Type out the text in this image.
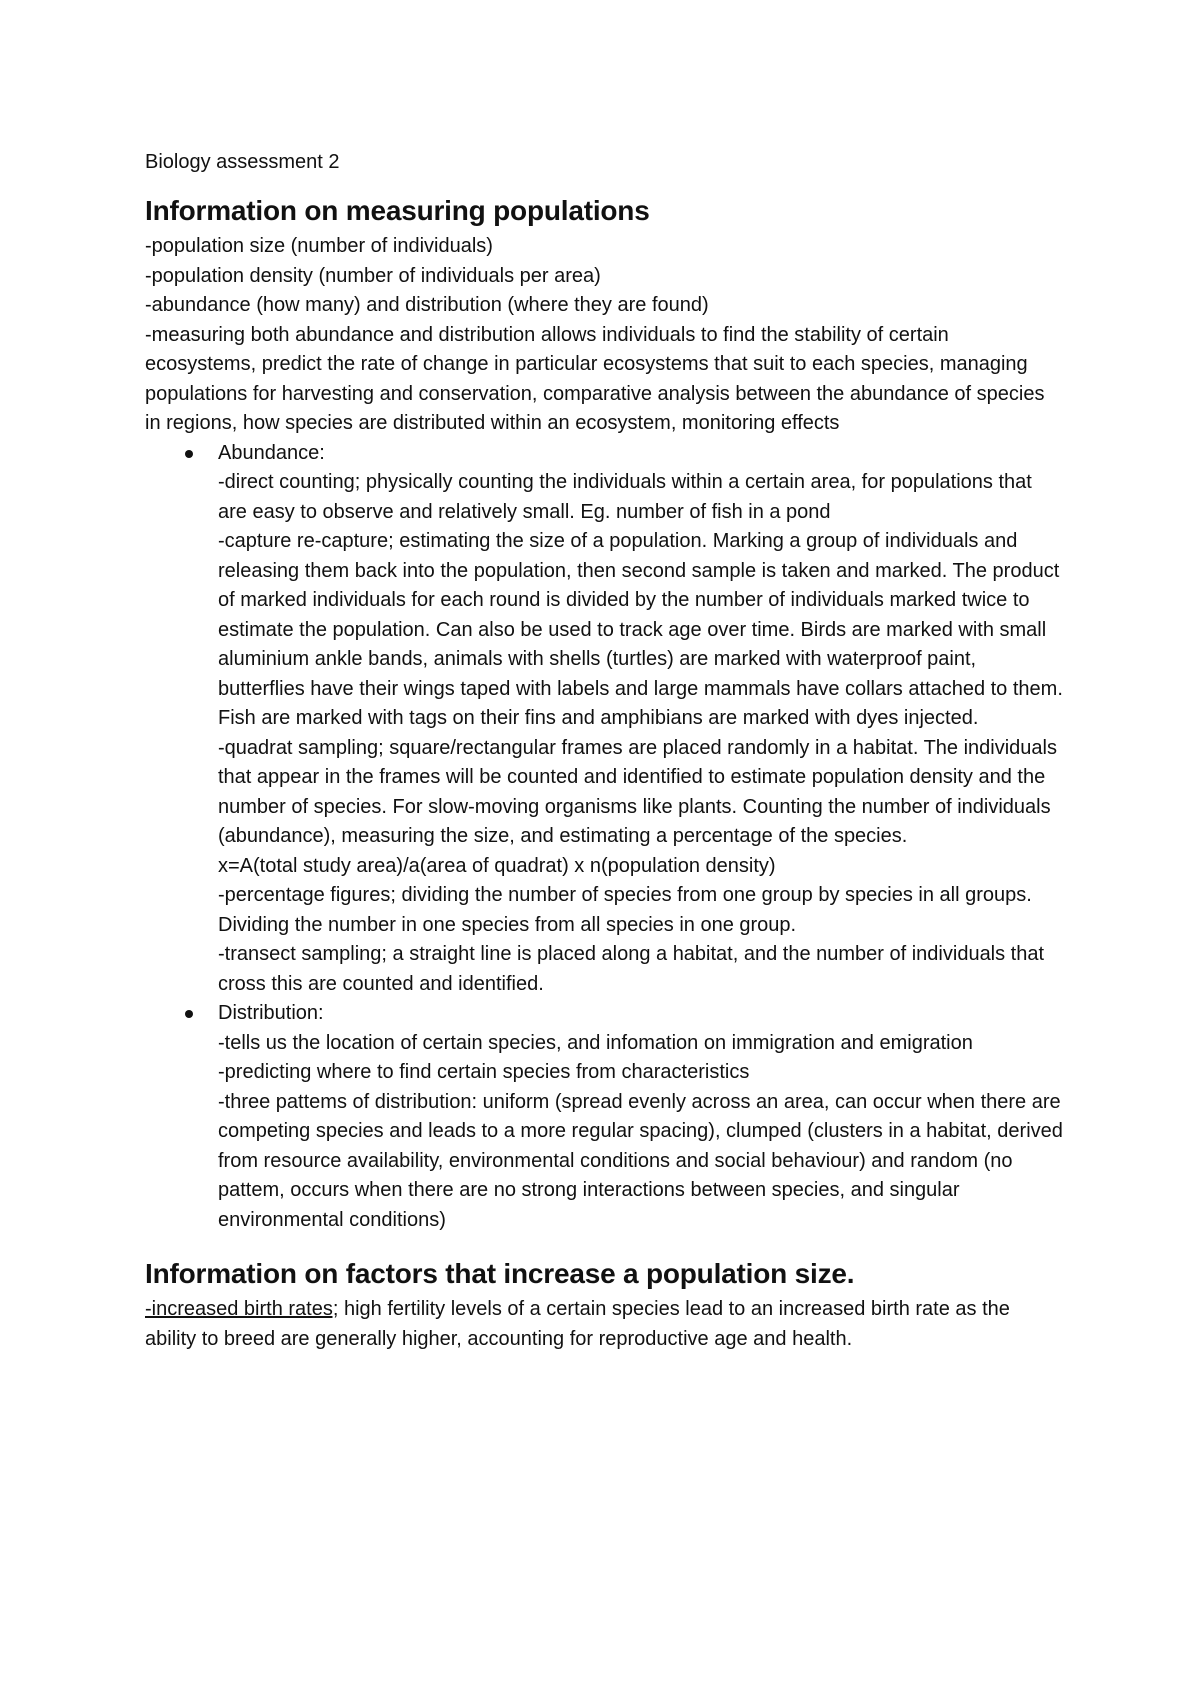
Biology assessment 2

Information on measuring populations

-population size (number of individuals)

-population density (number of individuals per area)

-abundance (how many) and distribution (where they are found)

-measuring both abundance and distribution allows individuals to find the stability of certain ecosystems, predict the rate of change in particular ecosystems that suit to each species, managing populations for harvesting and conservation, comparative analysis between the abundance of species in regions, how species are distributed within an ecosystem, monitoring effects

Abundance:

-direct counting; physically counting the individuals within a certain area, for populations that are easy to observe and relatively small. Eg. number of fish in a pond

-capture re-capture; estimating the size of a population. Marking a group of individuals and releasing them back into the population, then second sample is taken and marked. The product of marked individuals for each round is divided by the number of individuals marked twice to estimate the population. Can also be used to track age over time. Birds are marked with small aluminium ankle bands, animals with shells (turtles) are marked with waterproof paint, butterflies have their wings taped with labels and large mammals have collars attached to them. Fish are marked with tags on their fins and amphibians are marked with dyes injected.

-quadrat sampling; square/rectangular frames are placed randomly in a habitat. The individuals that appear in the frames will be counted and identified to estimate population density and the number of species. For slow-moving organisms like plants. Counting the number of individuals (abundance), measuring the size, and estimating a percentage of the species.

x=A(total study area)/a(area of quadrat) x n(population density)

-percentage figures; dividing the number of species from one group by species in all groups. Dividing the number in one species from all species in one group.

-transect sampling; a straight line is placed along a habitat, and the number of individuals that cross this are counted and identified.

Distribution:

-tells us the location of certain species, and infomation on immigration and emigration

-predicting where to find certain species from characteristics

-three pattems of distribution: uniform (spread evenly across an area, can occur when there are competing species and leads to a more regular spacing), clumped (clusters in a habitat, derived from resource availability, environmental conditions and social behaviour) and random (no pattem, occurs when there are no strong interactions between species, and singular environmental conditions)

Information on factors that increase a population size.

-increased birth rates; high fertility levels of a certain species lead to an increased birth rate as the ability to breed are generally higher, accounting for reproductive age and health.
